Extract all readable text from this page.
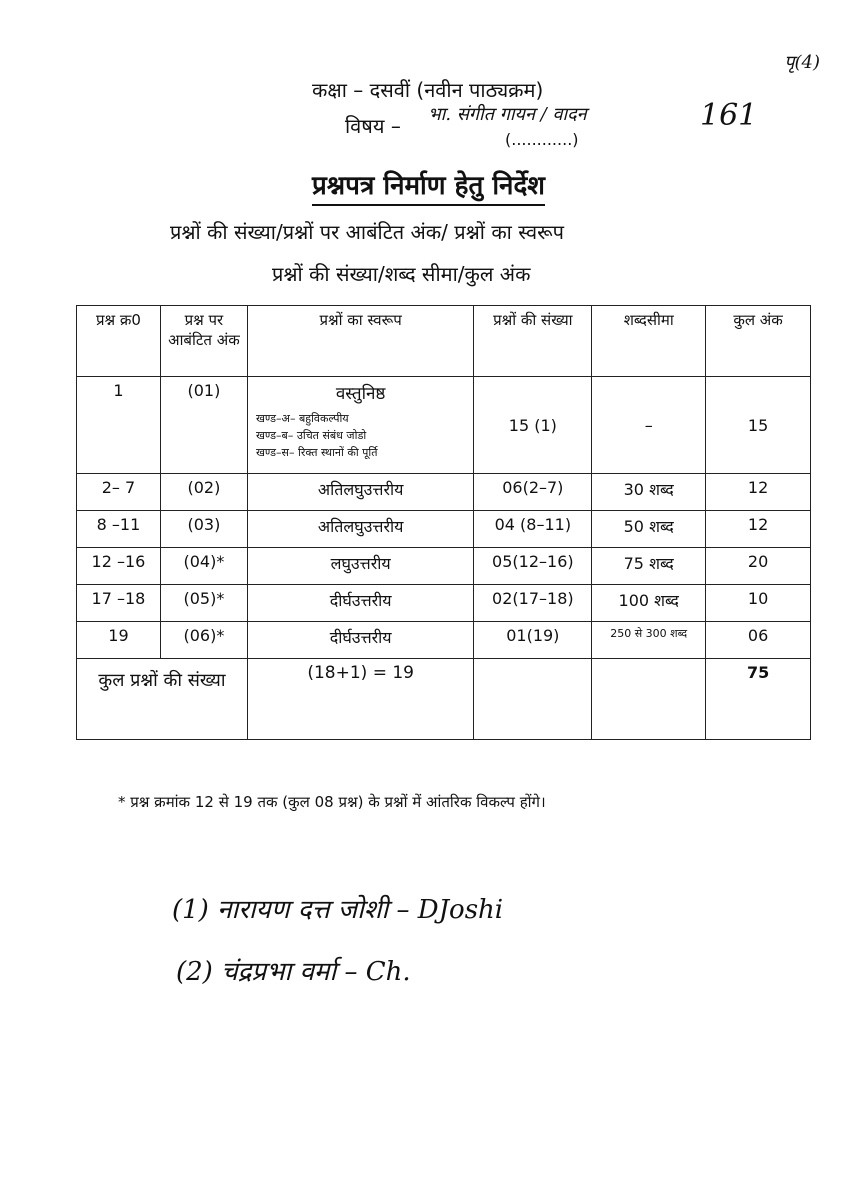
पृ(4)
कक्षा – दसवीं (नवीन पाठ्यक्रम)
विषय – भा. संगीत गायन / वादन	161
(............)
प्रश्नपत्र निर्माण हेतु निर्देश
प्रश्नों की संख्या/प्रश्नों पर आबंटित अंक/ प्रश्नों का स्वरूप
प्रश्नों की संख्या/शब्द सीमा/कुल अंक
प्रश्न क्र0	प्रश्न पर आबंटित अंक	प्रश्नों का स्वरूप	प्रश्नों की संख्या	शब्दसीमा	कुल अंक
1	(01)	वस्तुनिष्ठ
खण्ड–अ– बहुविकल्पीय
खण्ड–ब– उचित संबंध जोडो
खण्ड–स– रिक्त स्थानों की पूर्ति	15 (1)	–	15
2– 7	(02)	अतिलघुउत्तरीय	06(2–7)	30 शब्द	12
8 –11	(03)	अतिलघुउत्तरीय	04 (8–11)	50 शब्द	12
12 –16	(04)*	लघुउत्तरीय	05(12–16)	75 शब्द	20
17 –18	(05)*	दीर्घउत्तरीय	02(17–18)	100 शब्द	10
19	(06)*	दीर्घउत्तरीय	01(19)	250 से 300 शब्द	06
कुल प्रश्नों की संख्या		(18+1) = 19			75
* प्रश्न क्रमांक 12 से 19 तक (कुल 08 प्रश्न) के प्रश्नों में आंतरिक विकल्प होंगे।
(1) नारायण दत्त जोशी – DJoshi
(2) चंद्रप्रभा वर्मा – Ch.
